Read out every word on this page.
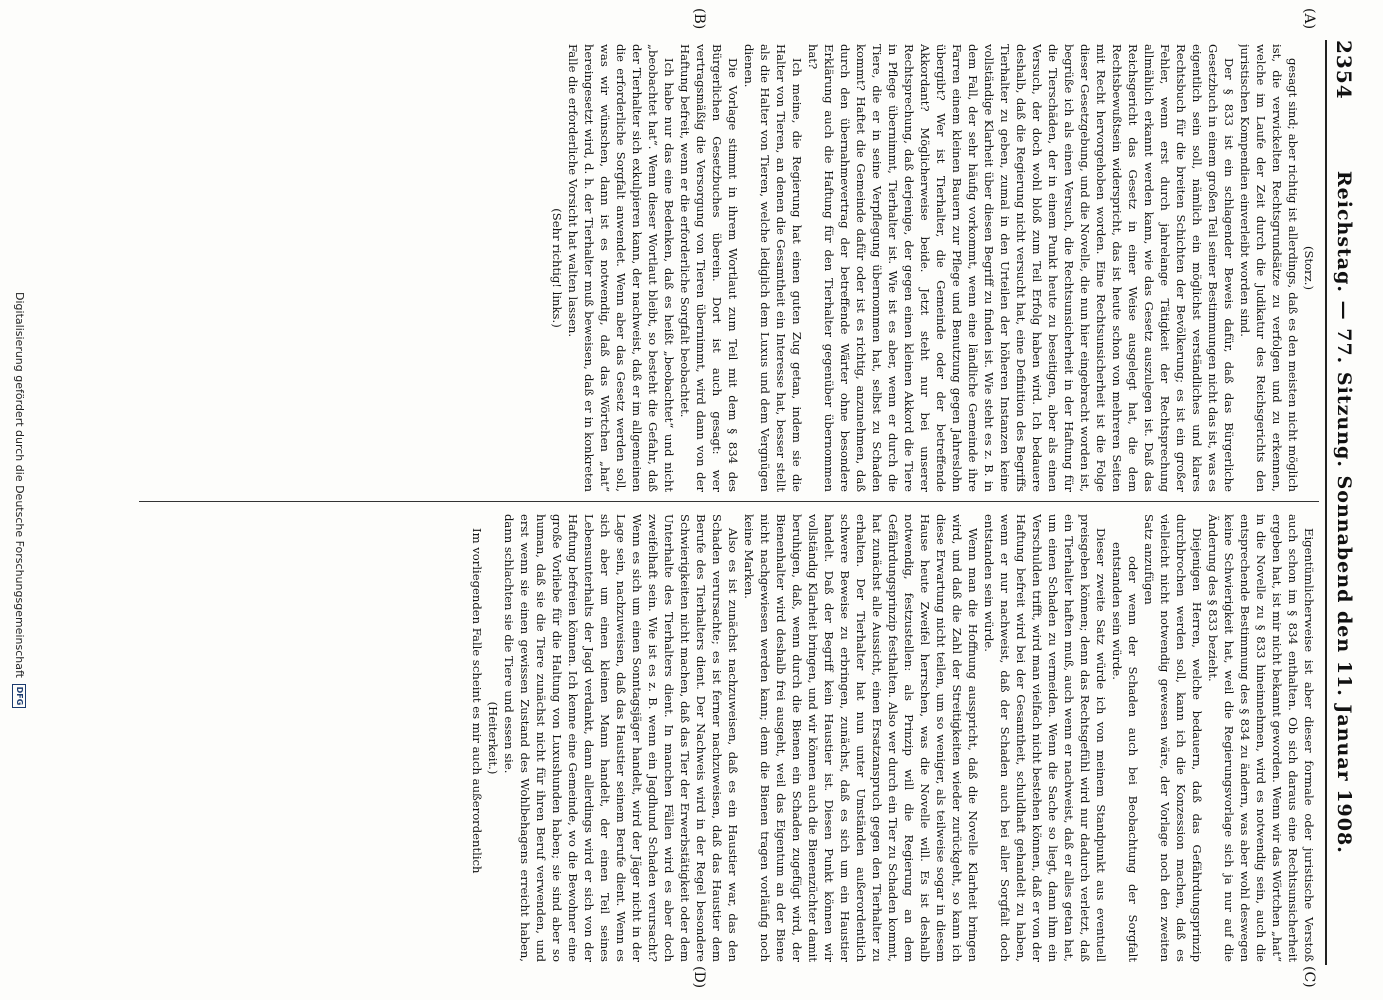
2354
Reichstag. — 77. Sitzung. Sonnabend den 11. Januar 1908.
(A)
(B)
(C)
(D)

(Storz.)

gesagt sind; aber richtig ist allerdings, daß es den meisten nicht möglich ist, die verwickelten Rechtsgrundsätze zu verfolgen und zu erkennen, welche im Laufe der Zeit durch die Judikatur des Reichsgerichts den juristischen Kompendien einverleibt worden sind.

Der § 833 ist ein schlagender Beweis dafür, daß das Bürgerliche Gesetzbuch in einem großen Teil seiner Bestimmungen nicht das ist, was es eigentlich sein soll, nämlich ein möglichst verständliches und klares Rechtsbuch für die breiten Schichten der Bevölkerung; es ist ein großer Fehler, wenn erst durch jahrelange Tätigkeit der Rechtsprechung allmählich erkannt werden kann, wie das Gesetz auszulegen ist. Daß das Reichsgericht das Gesetz in einer Weise ausgelegt hat, die dem Rechtsbewußtsein widerspricht, das ist heute schon von mehreren Seiten mit Recht hervorgehoben worden. Eine Rechtsunsicherheit ist die Folge dieser Gesetzgebung, und die Novelle, die nun hier eingebracht worden ist, begrüße ich als einen Versuch, die Rechtsunsicherheit in der Haftung für die Tierschäden, der in einem Punkt heute zu beseitigen, aber als einen Versuch, der doch wohl bloß zum Teil Erfolg haben wird. Ich bedauere deshalb, daß die Regierung nicht versucht hat, eine Definition des Begriffs Tierhalter zu geben, zumal in den Urteilen der höheren Instanzen keine vollständige Klarheit über diesen Begriff zu finden ist. Wie steht es z. B. in dem Fall, der sehr häufig vorkommt, wenn eine ländliche Gemeinde ihre Farren einem kleinen Bauern zur Pflege und Benutzung gegen Jahreslohn übergibt? Wer ist Tierhalter, die Gemeinde oder der betreffende Akkordant? Möglicherweise beide. Jetzt steht nur bei unserer Rechtsprechung, daß derjenige, der gegen einen kleinen Akkord die Tiere in Pflege übernimmt, Tierhalter ist. Wie ist es aber, wenn er durch die Tiere, die er in seine Verpflegung übernommen hat, selbst zu Schaden kommt? Haftet die Gemeinde dafür oder ist es richtig, anzunehmen, daß durch den übernahmevertrag der betreffende Wärter ohne besondere Erklärung auch die Haftung für den Tierhalter gegenüber übernommen hat?

Ich meine, die Regierung hat einen guten Zug getan, indem sie die Halter von Tieren, an denen die Gesamtheit ein Interesse hat, besser stellt als die Halter von Tieren, welche lediglich dem Luxus und dem Vergnügen dienen.

Die Vorlage stimmt in ihrem Wortlaut zum Teil mit dem § 834 des Bürgerlichen Gesetzbuches überein. Dort ist auch gesagt: wer vertragsmäßig die Versorgung von Tieren übernimmt, wird dann von der Haftung befreit, wenn er die erforderliche Sorgfalt beobachtet.

Ich habe nur das eine Bedenken, daß es heißt „beobachtet“ und nicht „beobachtet hat“. Wenn dieser Wortlaut bleibt, so besteht die Gefahr, daß der Tierhalter sich exkulpieren kann, der nachweist, daß er im allgemeinen die erforderliche Sorgfalt anwendet. Wenn aber das Gesetz werden soll, was wir wünschen, dann ist es notwendig, daß das Wörtchen „hat“ hereingesetzt wird, d. h. der Tierhalter muß beweisen, daß er in konkreten Falle die erforderliche Vorsicht hat walten lassen.

(Sehr richtig! links.)

Eigentümlicherweise ist aber dieser formale oder juristische Verstoß auch schon im § 834 enthalten. Ob sich daraus eine Rechtsunsicherheit ergeben hat, ist mir nicht bekannt geworden. Wenn wir das Wörtchen „hat“ in die Novelle zu § 833 hineinnehmen, wird es notwendig sein, auch die entsprechende Bestimmung des § 834 zu ändern, was aber wohl deswegen keine Schwierigkeit hat, weil die Regierungsvorlage sich ja nur auf die Änderung des § 833 bezieht.

Diejenigen Herren, welche bedauern, daß das Gefährdungsprinzip durchbrochen werden soll, kann ich die Konzession machen, daß es vielleicht nicht notwendig gewesen wäre, der Vorlage noch den zweiten Satz anzufügen

oder wenn der Schaden auch bei Beobachtung der Sorgfalt entstanden sein würde.

Dieser zweite Satz würde ich von meinem Standpunkt aus eventuell preisgeben können; denn das Rechtsgefühl wird nur dadurch verletzt, daß ein Tierhalter haften muß, auch wenn er nachweist, daß er alles getan hat, um einen Schaden zu vermeiden. Wenn die Sache so liegt, dann ihm ein Verschulden trifft, wird man vielfach nicht bestehen können, daß er von der Haftung befreit wird bei der Gesamtheit, schuldhaft gehandelt zu haben, wenn er nur nachweist, daß der Schaden auch bei aller Sorgfalt doch entstanden sein würde.

Wenn man die Hoffnung ausspricht, daß die Novelle Klarheit bringen wird, und daß die Zahl der Streitigkeiten wieder zurückgeht, so kann ich diese Erwartung nicht teilen, um so weniger, als teilweise sogar in diesem Hause heute Zweifel herrschen, was die Novelle will. Es ist deshalb notwendig, festzustellen: als Prinzip will die Regierung an dem Gefährdungsprinzip festhalten. Also wer durch ein Tier zu Schaden kommt, hat zunächst alle Aussicht, einen Ersatzanspruch gegen den Tierhalter zu erhalten. Der Tierhalter hat nun unter Umständen außerordentlich schwere Beweise zu erbringen, zunächst, daß es sich um ein Haustier handelt. Daß der Begriff kein Haustier ist. Diesen Punkt können wir vollständig Klarheit bringen, und wir können auch die Bienenzüchter damit beruhigen, daß, wenn durch die Bienen ein Schaden zugefügt wird, der Bienenhalter wird deshalb frei ausgeht, weil das Eigentum an der Biene nicht nachgewiesen werden kann; denn die Bienen tragen vorläufig noch keine Marken.

Also es ist zunächst nachzuweisen, daß es ein Haustier war, das den Schaden verursachte; es ist ferner nachzuweisen, daß das Haustier dem Berufe des Tierhalters dient. Der Nachweis wird in der Regel besondere Schwierigkeiten nicht machen, daß das Tier der Erwerbstätigkeit oder dem Unterhalte des Tierhalters dient. In manchen Fällen wird es aber doch zweifelhaft sein. Wie ist es z. B. wenn ein Jagdhund Schaden verursacht? Wenn es sich um einen Sonntagsjäger handelt, wird der Jäger nicht in der Lage sein, nachzuweisen, daß das Haustier seinem Berufe dient. Wenn es sich aber um einen kleinen Mann handelt, der einen Teil seines Lebensunterhalts der Jagd verdankt, dann allerdings wird er sich von der Haftung befreien können. Ich kenne eine Gemeinde, wo die Bewohner eine große Vorliebe für die Haltung von Luxushunden haben; sie sind aber so human, daß sie die Tiere zunächst nicht für ihren Beruf verwenden, und erst wenn sie einen gewissen Zustand des Wohlbehagens erreicht haben, dann schlachten sie die Tiere und essen sie.

(Heiterkeit.)

Im vorliegenden Falle scheint es mir auch außerordentlich

Digitalisierung gefördert durch die Deutsche Forschungsgemeinschaft
DFG
